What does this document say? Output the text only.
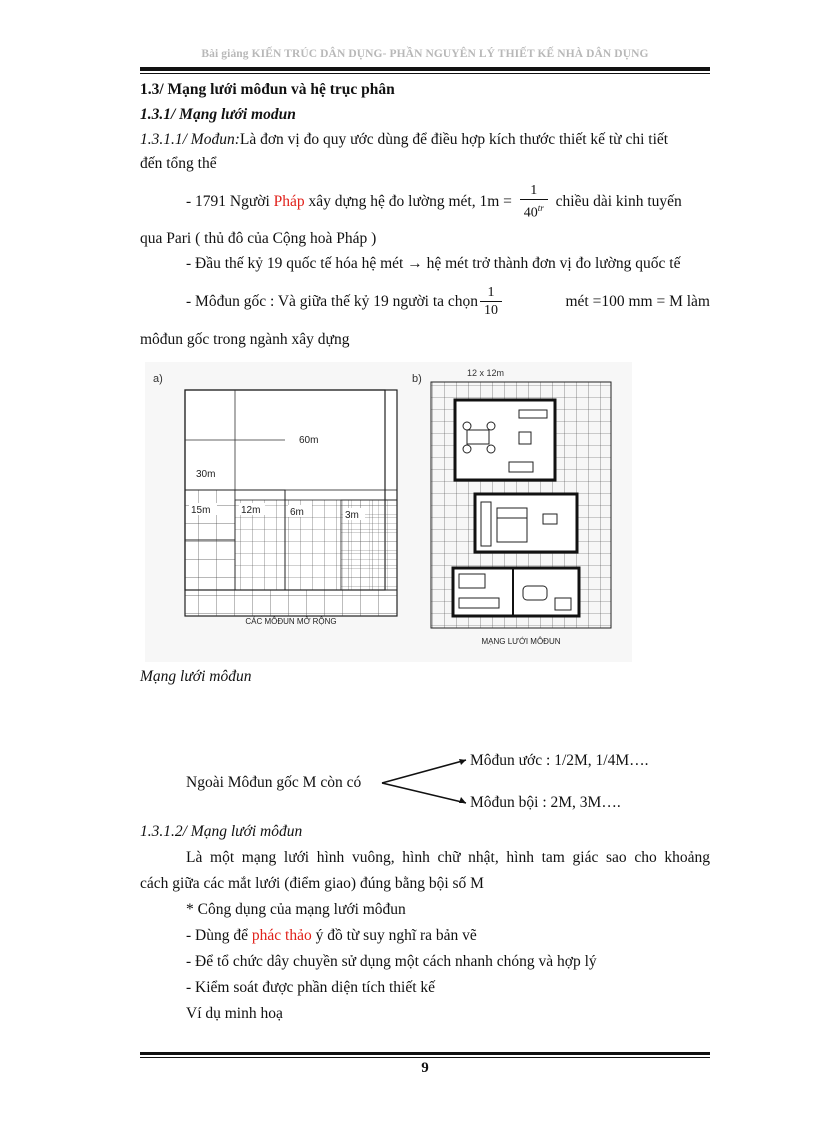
Bài giảng KIẾN TRÚC DÂN DỤNG- PHẦN NGUYÊN LÝ THIẾT KẾ NHÀ DÂN DỤNG
1.3/ Mạng lưới môđun và hệ trục phân
1.3.1/ Mạng lưới modun
1.3.1.1/ Mođun:Là đơn vị đo quy ước dùng để điều hợp kích thước thiết kế từ chi tiết
đến tổng thể
- 1791 Người Pháp xây dựng hệ đo lường mét, $1m = \frac{1}{40^{tr}}$ chiều dài kinh tuyến
qua Pari ( thủ đô của Cộng hoà Pháp )
- Đầu thế kỷ 19 quốc tế hóa hệ mét → hệ mét trở thành đơn vị đo lường quốc tế
- Môđun gốc : Và giữa thế kỷ 19 người ta chọn $\frac{1}{10}$	mét =100 mm = M làm
môđun gốc trong ngành xây dựng
a)
60m
30m
15m	12m	6m	3m
CÁC MÔĐUN MỞ RỘNG
b)	12 x 12m
MẠNG LƯỚI MÔĐUN
Mạng lưới môđun
Môđun ước : 1/2M, 1/4M….
Ngoài Môđun gốc M còn có
Môđun bội : 2M, 3M….
1.3.1.2/ Mạng lưới môđun
Là một mạng lưới hình vuông, hình chữ nhật, hình tam giác sao cho khoảng
cách giữa các mắt lưới (điểm giao) đúng bằng bội số M
* Công dụng của mạng lưới môđun
- Dùng để phác thảo ý đồ từ suy nghĩ ra bản vẽ
- Để tổ chức dây chuyền sử dụng một cách nhanh chóng và hợp lý
- Kiểm soát được phần diện tích thiết kế
Ví dụ minh hoạ
9
